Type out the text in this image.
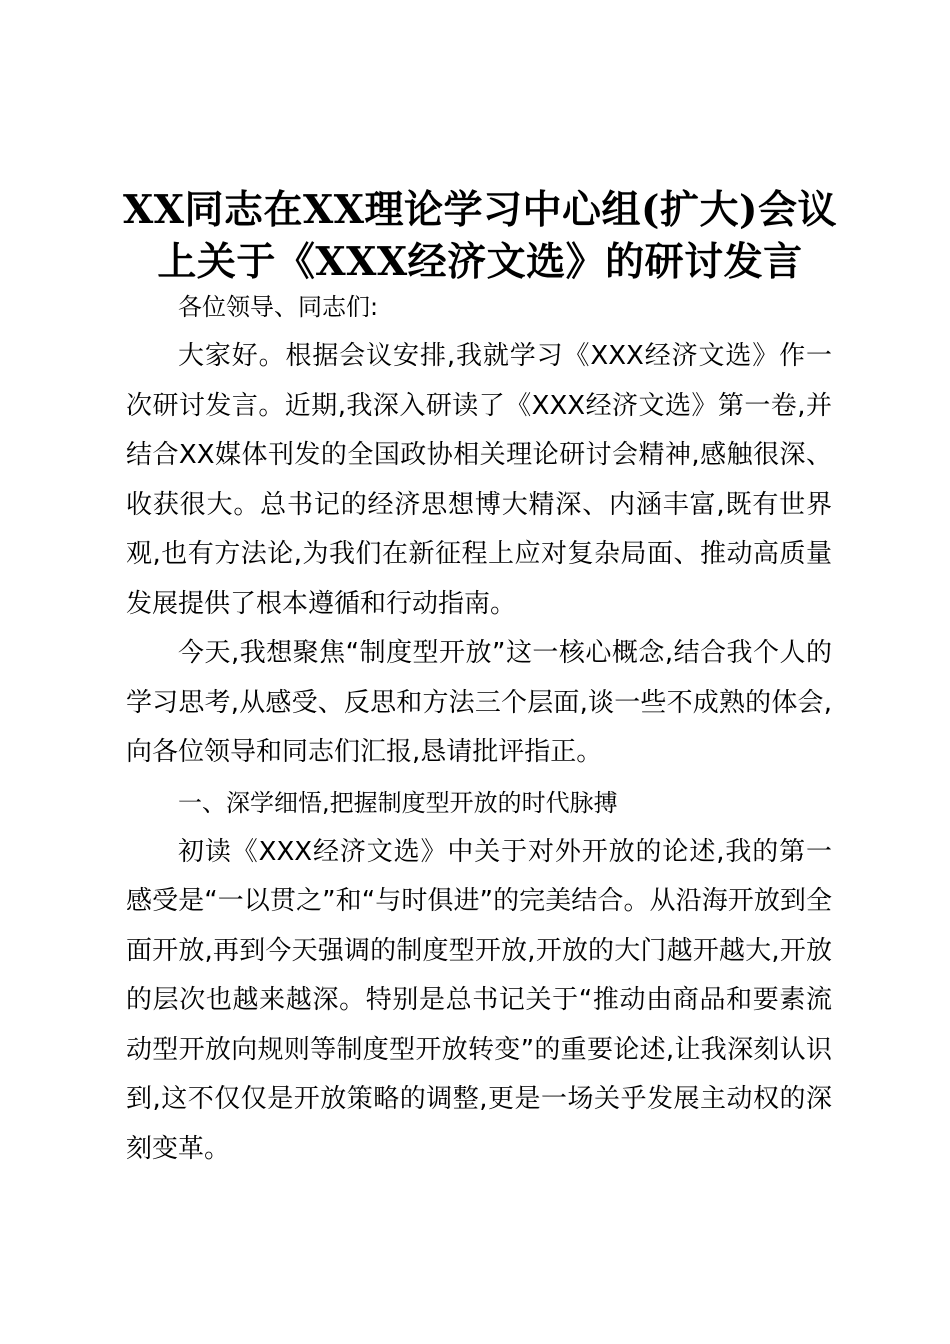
XX同志在XX理论学习中心组(扩大)会议上关于《XXX经济文选》的研讨发言

各位领导、同志们:

大家好。根据会议安排,我就学习《XXX经济文选》作一次研讨发言。近期,我深入研读了《XXX经济文选》第一卷,并结合XX媒体刊发的全国政协相关理论研讨会精神,感触很深、收获很大。总书记的经济思想博大精深、内涵丰富,既有世界观,也有方法论,为我们在新征程上应对复杂局面、推动高质量发展提供了根本遵循和行动指南。

今天,我想聚焦“制度型开放”这一核心概念,结合我个人的学习思考,从感受、反思和方法三个层面,谈一些不成熟的体会,向各位领导和同志们汇报,恳请批评指正。

一、深学细悟,把握制度型开放的时代脉搏

初读《XXX经济文选》中关于对外开放的论述,我的第一感受是“一以贯之”和“与时俱进”的完美结合。从沿海开放到全面开放,再到今天强调的制度型开放,开放的大门越开越大,开放的层次也越来越深。特别是总书记关于“推动由商品和要素流动型开放向规则等制度型开放转变”的重要论述,让我深刻认识到,这不仅仅是开放策略的调整,更是一场关乎发展主动权的深刻变革。
